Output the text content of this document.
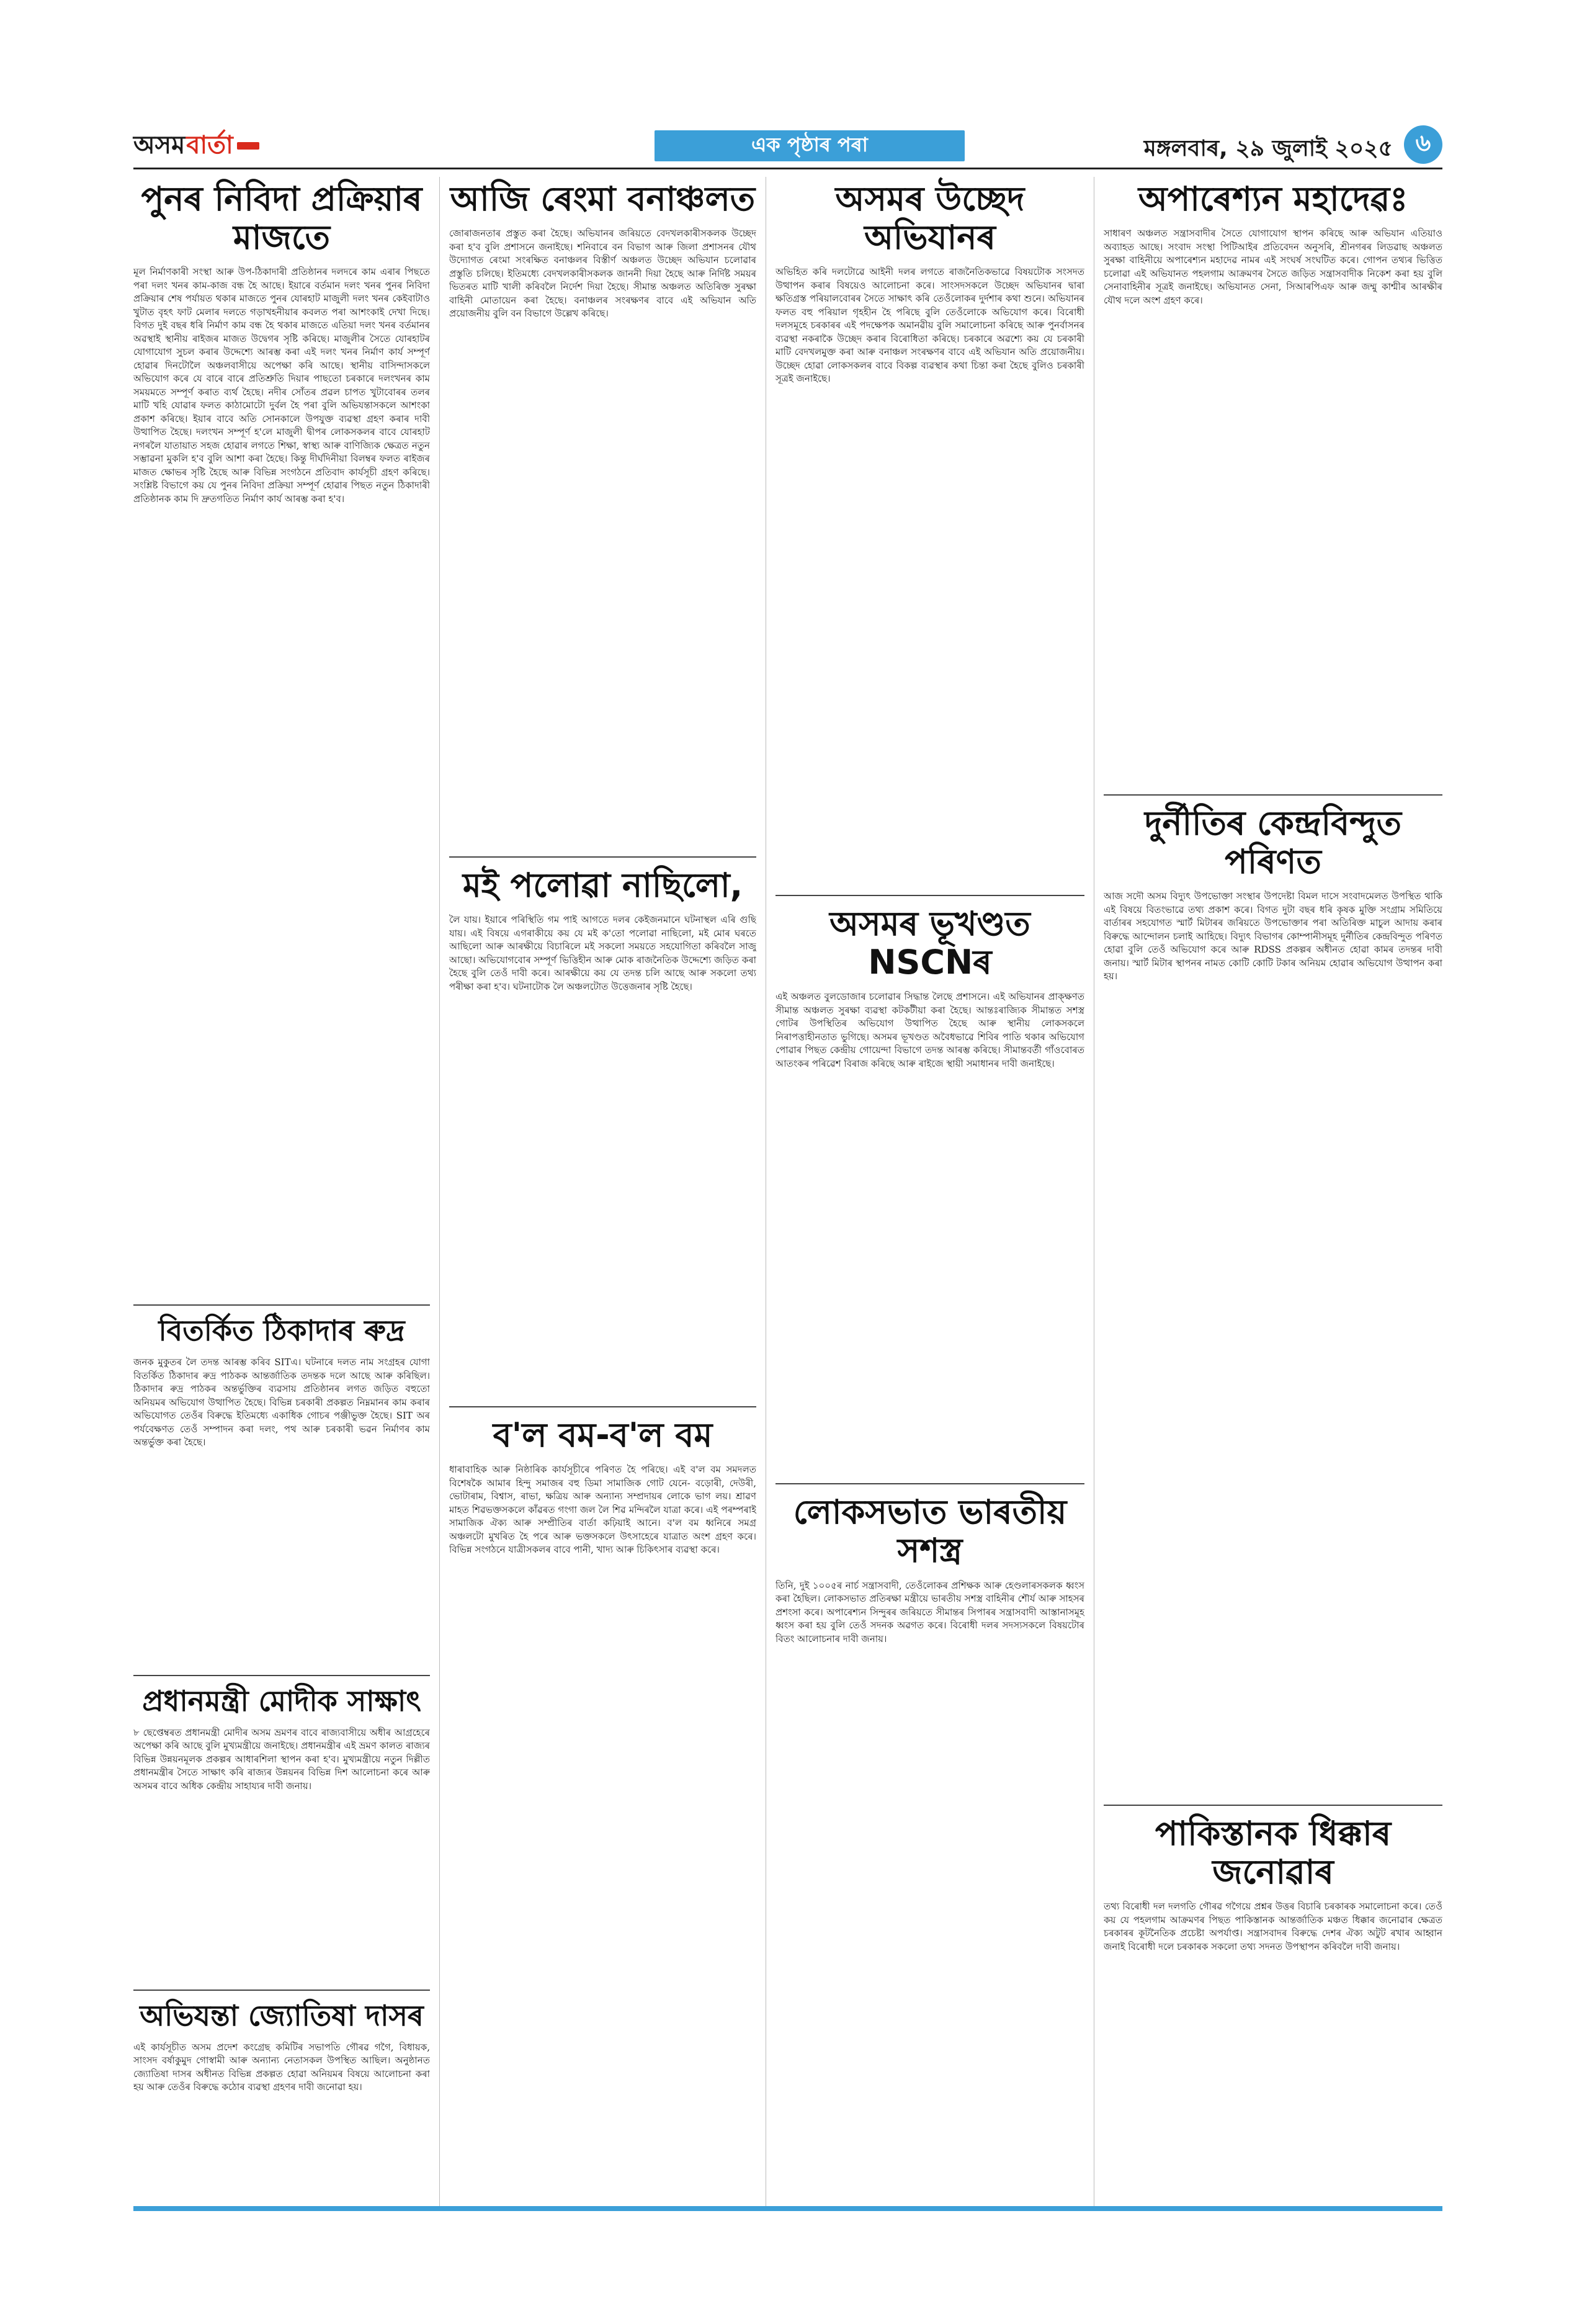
অসম বাৰ্তা	এক পৃষ্ঠাৰ পৰা	মঙ্গলবাৰ, ২৯ জুলাই ২০২৫ ৬
পুনৰ নিবিদা প্ৰক্ৰিয়াৰ মাজতে

মূল নিৰ্মাণকাৰী সংস্থা আৰু উপ-ঠিকাদাৰী প্ৰতিষ্ঠানৰ দলদৰে কাম এৰাৰ পিছতে পৰা দলং খনৰ কাম-কাজ বন্ধ হৈ আছে। ইয়াৰে বৰ্তমান দলং খনৰ পুনৰ নিবিদা প্ৰক্ৰিয়াৰ শেষ পৰ্যায়ত থকাৰ মাজতে পুনৰ যোৰহাট মাজুলী দলং খনৰ কেইবাটাও খুটাত বৃহৎ ফাট মেলাৰ দলতে গড়াখহনীয়াৰ কবলত পৰা আশংকাই দেখা দিছে। বিগত দুই বছৰ ধৰি নিৰ্মাণ কাম বন্ধ হৈ থকাৰ মাজতে এতিয়া দলং খনৰ বৰ্তমানৰ অৱস্থাই স্থানীয় ৰাইজৰ মাজত উদ্বেগৰ সৃষ্টি কৰিছে। মাজুলীৰ সৈতে যোৰহাটৰ যোগাযোগ সুচল কৰাৰ উদ্দেশ্যে আৰম্ভ কৰা এই দলং খনৰ নিৰ্মাণ কাৰ্য সম্পূৰ্ণ হোৱাৰ দিনটোলৈ অঞ্চলবাসীয়ে অপেক্ষা কৰি আছে। স্থানীয় বাসিন্দাসকলে অভিযোগ কৰে যে বাৰে বাৰে প্ৰতিশ্ৰুতি দিয়াৰ পাছতো চৰকাৰে দলংখনৰ কাম সময়মতে সম্পূৰ্ণ কৰাত ব্যৰ্থ হৈছে। নদীৰ সোঁতৰ প্ৰৱল চাপত খুটাবোৰৰ তলৰ মাটি খহি যোৱাৰ ফলত কাঠামোটো দুৰ্বল হৈ পৰা বুলি অভিযন্তাসকলে আশংকা প্ৰকাশ কৰিছে। ইয়াৰ বাবে অতি সোনকালে উপযুক্ত ব্যৱস্থা গ্ৰহণ কৰাৰ দাবী উত্থাপিত হৈছে। দলংখন সম্পূৰ্ণ হ'লে মাজুলী দ্বীপৰ লোকসকলৰ বাবে যোৰহাট নগৰলৈ যাতায়াত সহজ হোৱাৰ লগতে শিক্ষা, স্বাস্থ্য আৰু বাণিজ্যিক ক্ষেত্ৰত নতুন সম্ভাৱনা মুকলি হ'ব বুলি আশা কৰা হৈছে। কিন্তু দীৰ্ঘদিনীয়া বিলম্বৰ ফলত ৰাইজৰ মাজত ক্ষোভৰ সৃষ্টি হৈছে আৰু বিভিন্ন সংগঠনে প্ৰতিবাদ কাৰ্যসূচী গ্ৰহণ কৰিছে। সংশ্লিষ্ট বিভাগে কয় যে পুনৰ নিবিদা প্ৰক্ৰিয়া সম্পূৰ্ণ হোৱাৰ পিছত নতুন ঠিকাদাৰী প্ৰতিষ্ঠানক কাম দি দ্ৰুতগতিত নিৰ্মাণ কাৰ্য আৰম্ভ কৰা হ'ব।

বিতৰ্কিত ঠিকাদাৰ ৰুদ্ৰ

জনক মুকুতৰ লৈ তদন্ত আৰম্ভ কৰিব SITএ। ঘটনাৰে দলত নাম সংগ্ৰহৰ যোগা বিতৰ্কিত ঠিকাদাৰ ৰুদ্ৰ পাঠকক আন্তৰ্জাতিক তদন্তক দলে আছে আৰু কৰিছিল। ঠিকাদাৰ ৰুদ্ৰ পাঠকৰ অন্তৰ্ভুক্তিৰ ব্যৱসায় প্ৰতিষ্ঠানৰ লগত জড়িত বহুতো অনিয়মৰ অভিযোগ উত্থাপিত হৈছে। বিভিন্ন চৰকাৰী প্ৰকল্পত নিম্নমানৰ কাম কৰাৰ অভিযোগত তেওঁৰ বিৰুদ্ধে ইতিমধ্যে একাধিক গোচৰ পঞ্জীভুক্ত হৈছে। SIT অৰ পৰ্যবেক্ষণত তেওঁ সম্পাদন কৰা দলং, পথ আৰু চৰকাৰী ভৱন নিৰ্মাণৰ কাম অন্তৰ্ভুক্ত কৰা হৈছে।

প্ৰধানমন্ত্ৰী মোদীক সাক্ষাৎ

৮ ছেপ্তেম্বৰত প্ৰধানমন্ত্ৰী মোদীৰ অসম ভ্ৰমণৰ বাবে ৰাজ্যবাসীয়ে অধীৰ আগ্ৰহেৰে অপেক্ষা কৰি আছে বুলি মুখ্যমন্ত্ৰীয়ে জনাইছে। প্ৰধানমন্ত্ৰীৰ এই ভ্ৰমণ কালত ৰাজ্যৰ বিভিন্ন উন্নয়নমূলক প্ৰকল্পৰ আধাৰশিলা স্থাপন কৰা হ'ব। মুখ্যমন্ত্ৰীয়ে নতুন দিল্লীত প্ৰধানমন্ত্ৰীৰ সৈতে সাক্ষাৎ কৰি ৰাজ্যৰ উন্নয়নৰ বিভিন্ন দিশ আলোচনা কৰে আৰু অসমৰ বাবে অধিক কেন্দ্ৰীয় সাহায্যৰ দাবী জনায়।

অভিযন্তা জ্যোতিষা দাসৰ

এই কাৰ্যসূচীত অসম প্ৰদেশ কংগ্ৰেছ কমিটিৰ সভাপতি গৌৰৱ গগৈ, বিধায়ক, সাংসদ বৰ্ষাকুমুদ গোস্বামী আৰু অন্যান্য নেতাসকল উপস্থিত আছিল। অনুষ্ঠানত জ্যোতিষা দাসৰ অধীনত বিভিন্ন প্ৰকল্পত হোৱা অনিয়মৰ বিষয়ে আলোচনা কৰা হয় আৰু তেওঁৰ বিৰুদ্ধে কঠোৰ ব্যৱস্থা গ্ৰহণৰ দাবী জনোৱা হয়।

আজি ৰেংমা বনাঞ্চলত

জোৰাজনতাৰ প্ৰস্তুত কৰা হৈছে। অভিযানৰ জৰিয়তে বেদখলকাৰীসকলক উচ্ছেদ কৰা হ'ব বুলি প্ৰশাসনে জনাইছে। শনিবাৰে বন বিভাগ আৰু জিলা প্ৰশাসনৰ যৌথ উদ্যোগত ৰেংমা সংৰক্ষিত বনাঞ্চলৰ বিস্তীৰ্ণ অঞ্চলত উচ্ছেদ অভিযান চলোৱাৰ প্ৰস্তুতি চলিছে। ইতিমধ্যে বেদখলকাৰীসকলক জাননী দিয়া হৈছে আৰু নিৰ্দিষ্ট সময়ৰ ভিতৰত মাটি খালী কৰিবলৈ নিৰ্দেশ দিয়া হৈছে। সীমান্ত অঞ্চলত অতিৰিক্ত সুৰক্ষা বাহিনী মোতায়েন কৰা হৈছে। বনাঞ্চলৰ সংৰক্ষণৰ বাবে এই অভিযান অতি প্ৰয়োজনীয় বুলি বন বিভাগে উল্লেখ কৰিছে।

মই পলোৱা নাছিলো,

লৈ যায়। ইয়াৰে পৰিস্থিতি গম পাই আগতে দলৰ কেইজনমানে ঘটনাস্থল এৰি গুছি যায়। এই বিষয়ে এগৰাকীয়ে কয় যে মই ক'তো পলোৱা নাছিলো, মই মোৰ ঘৰতে আছিলো আৰু আৰক্ষীয়ে বিচাৰিলে মই সকলো সময়তে সহযোগিতা কৰিবলৈ সাজু আছো। অভিযোগবোৰ সম্পূৰ্ণ ভিত্তিহীন আৰু মোক ৰাজনৈতিক উদ্দেশ্যে জড়িত কৰা হৈছে বুলি তেওঁ দাবী কৰে। আৰক্ষীয়ে কয় যে তদন্ত চলি আছে আৰু সকলো তথ্য পৰীক্ষা কৰা হ'ব। ঘটনাটোক লৈ অঞ্চলটোত উত্তেজনাৰ সৃষ্টি হৈছে।

ব'ল বম-ব'ল বম

ধাৰাবাহিক আৰু নিষ্ঠাৰিক কাৰ্যসূচীৰে পৰিণত হৈ পৰিছে। এই ব'ল বম সমদলত বিশেষকৈ আমাৰ হিন্দু সমাজৰ বহু ডিমা সামাজিক গোট যেনে- বড়োৰী, দেউৰী, ভোটাৰাম, বিশ্বাস, ৰাভা, ক্ষত্ৰিয় আৰু অন্যান্য সম্প্ৰদায়ৰ লোকে ভাগ লয়। শ্ৰাৱণ মাহত শিৱভক্তসকলে কাঁৱৰত গংগা জল লৈ শিৱ মন্দিৰলৈ যাত্ৰা কৰে। এই পৰম্পৰাই সামাজিক ঐক্য আৰু সম্প্ৰীতিৰ বাৰ্তা কঢ়িয়াই আনে। ব'ল বম ধ্বনিৰে সমগ্ৰ অঞ্চলটো মুখৰিত হৈ পৰে আৰু ভক্তসকলে উৎসাহেৰে যাত্ৰাত অংশ গ্ৰহণ কৰে। বিভিন্ন সংগঠনে যাত্ৰীসকলৰ বাবে পানী, খাদ্য আৰু চিকিৎসাৰ ব্যৱস্থা কৰে।

অসমৰ উচ্ছেদ অভিযানৰ

অভিহিত কৰি দলটোৱে আইনী দলৰ লগতে ৰাজনৈতিকভাৱে বিষয়টোক সংসদত উত্থাপন কৰাৰ বিষয়েও আলোচনা কৰে। সাংসদসকলে উচ্ছেদ অভিযানৰ দ্বাৰা ক্ষতিগ্ৰস্ত পৰিয়ালবোৰৰ সৈতে সাক্ষাৎ কৰি তেওঁলোকৰ দুৰ্দশাৰ কথা শুনে। অভিযানৰ ফলত বহু পৰিয়াল গৃহহীন হৈ পৰিছে বুলি তেওঁলোকে অভিযোগ কৰে। বিৰোধী দলসমূহে চৰকাৰৰ এই পদক্ষেপক অমানৱীয় বুলি সমালোচনা কৰিছে আৰু পুনৰ্বাসনৰ ব্যৱস্থা নকৰাকৈ উচ্ছেদ কৰাৰ বিৰোধিতা কৰিছে। চৰকাৰে অৱশ্যে কয় যে চৰকাৰী মাটি বেদখলমুক্ত কৰা আৰু বনাঞ্চল সংৰক্ষণৰ বাবে এই অভিযান অতি প্ৰয়োজনীয়। উচ্ছেদ হোৱা লোকসকলৰ বাবে বিকল্প ব্যৱস্থাৰ কথা চিন্তা কৰা হৈছে বুলিও চৰকাৰী সূত্ৰই জনাইছে।

অসমৰ ভূখণ্ডত NSCNৰ

এই অঞ্চলত বুলডোজাৰ চলোৱাৰ সিদ্ধান্ত লৈছে প্ৰশাসনে। এই অভিযানৰ প্ৰাক্ক্ষণত সীমান্ত অঞ্চলত সুৰক্ষা ব্যৱস্থা কটকটীয়া কৰা হৈছে। আন্তঃৰাজ্যিক সীমান্তত সশস্ত্ৰ গোটৰ উপস্থিতিৰ অভিযোগ উত্থাপিত হৈছে আৰু স্থানীয় লোকসকলে নিৰাপত্তাহীনতাত ভুগিছে। অসমৰ ভূখণ্ডত অবৈধভাৱে শিবিৰ পাতি থকাৰ অভিযোগ পোৱাৰ পিছত কেন্দ্ৰীয় গোয়েন্দা বিভাগে তদন্ত আৰম্ভ কৰিছে। সীমান্তবৰ্তী গাঁওবোৰত আতংকৰ পৰিৱেশ বিৰাজ কৰিছে আৰু ৰাইজে স্থায়ী সমাধানৰ দাবী জনাইছে।

লোকসভাত ভাৰতীয় সশস্ত্ৰ

তিনি, দুই ১০০৫ৰ নাৰ্চ সন্ত্ৰাসবাদী, তেওঁলোকৰ প্ৰশিক্ষক আৰু হেণ্ডলাৰসকলক ধ্বংস কৰা হৈছিল। লোকসভাত প্ৰতিৰক্ষা মন্ত্ৰীয়ে ভাৰতীয় সশস্ত্ৰ বাহিনীৰ শৌৰ্য আৰু সাহসৰ প্ৰশংসা কৰে। অপাৰেশ্যন সিন্দুৰৰ জৰিয়তে সীমান্তৰ সিপাৰৰ সন্ত্ৰাসবাদী আস্তানাসমূহ ধ্বংস কৰা হয় বুলি তেওঁ সদনক অৱগত কৰে। বিৰোধী দলৰ সদস্যসকলে বিষয়টোৰ বিতং আলোচনাৰ দাবী জনায়।

অপাৰেশ্যন মহাদেৱঃ

সাধাৰণ অঞ্চলত সন্ত্ৰাসবাদীৰ সৈতে যোগাযোগ স্থাপন কৰিছে আৰু অভিযান এতিয়াও অব্যাহত আছে। সংবাদ সংস্থা পিটিআইৰ প্ৰতিবেদন অনুসৰি, শ্ৰীনগৰৰ লিডৱাছ অঞ্চলত সুৰক্ষা বাহিনীয়ে অপাৰেশ্যন মহাদেৱ নামৰ এই সংঘৰ্ষ সংঘটিত কৰে। গোপন তথ্যৰ ভিত্তিত চলোৱা এই অভিযানত পহলগাম আক্ৰমণৰ সৈতে জড়িত সন্ত্ৰাসবাদীক নিকেশ কৰা হয় বুলি সেনাবাহিনীৰ সূত্ৰই জনাইছে। অভিযানত সেনা, সিআৰপিএফ আৰু জম্মু কাশ্মীৰ আৰক্ষীৰ যৌথ দলে অংশ গ্ৰহণ কৰে।

দুৰ্নীতিৰ কেন্দ্ৰবিন্দুত পৰিণত

আজ সদৌ অসম বিদ্যুৎ উপভোক্তা সংস্থাৰ উপদেষ্টা বিমল দাসে সংবাদমেলত উপস্থিত থাকি এই বিষয়ে বিতংভাৱে তথ্য প্ৰকাশ কৰে। বিগত দুটা বছৰ ধৰি কৃষক মুক্তি সংগ্ৰাম সমিতিয়ে বাৰ্তাৰৰ সহযোগত স্মাৰ্ট মিটাৰৰ জৰিয়তে উপভোক্তাৰ পৰা অতিৰিক্ত মাচুল আদায় কৰাৰ বিৰুদ্ধে আন্দোলন চলাই আহিছে। বিদ্যুৎ বিভাগৰ কোম্পানীসমূহ দুৰ্নীতিৰ কেন্দ্ৰবিন্দুত পৰিণত হোৱা বুলি তেওঁ অভিযোগ কৰে আৰু RDSS প্ৰকল্পৰ অধীনত হোৱা কামৰ তদন্তৰ দাবী জনায়। স্মাৰ্ট মিটাৰ স্থাপনৰ নামত কোটি কোটি টকাৰ অনিয়ম হোৱাৰ অভিযোগ উত্থাপন কৰা হয়।

পাকিস্তানক ধিক্কাৰ জনোৱাৰ

তথ্য বিৰোধী দল দলগতি গৌৰৱ গগৈয়ে প্ৰশ্নৰ উত্তৰ বিচাৰি চৰকাৰক সমালোচনা কৰে। তেওঁ কয় যে পহলগাম আক্ৰমণৰ পিছত পাকিস্তানক আন্তৰ্জাতিক মঞ্চত ধিক্কাৰ জনোৱাৰ ক্ষেত্ৰত চৰকাৰৰ কূটনৈতিক প্ৰচেষ্টা অপৰ্যাপ্ত। সন্ত্ৰাসবাদৰ বিৰুদ্ধে দেশৰ ঐক্য অটুট ৰখাৰ আহ্বান জনাই বিৰোধী দলে চৰকাৰক সকলো তথ্য সদনত উপস্থাপন কৰিবলৈ দাবী জনায়।
